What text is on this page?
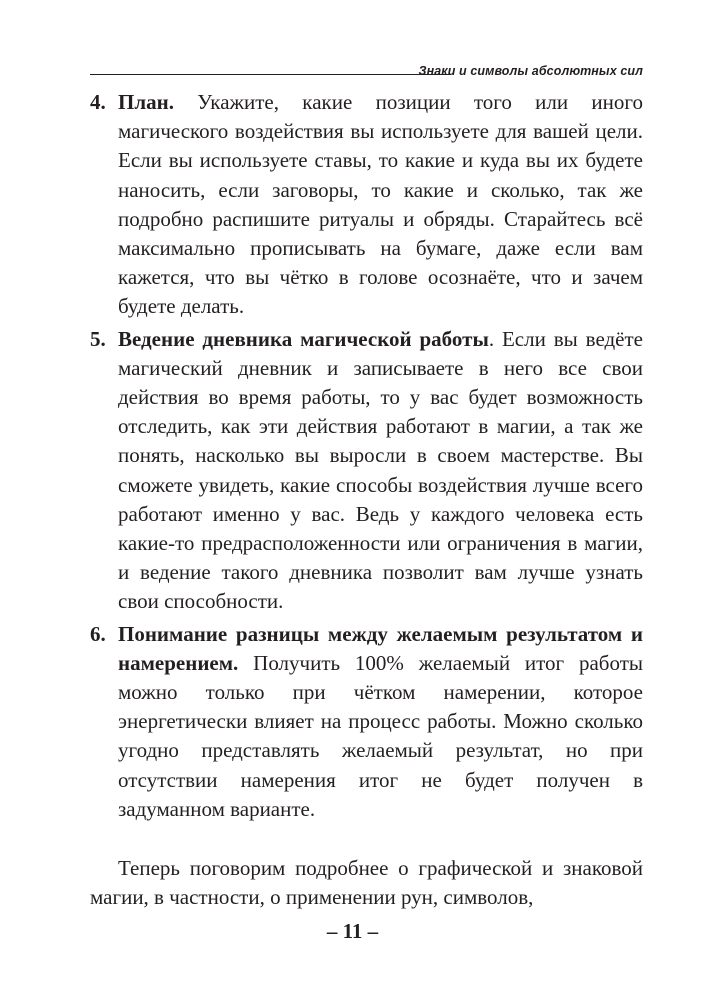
Знаки и символы абсолютных сил
4. План. Укажите, какие позиции того или иного магического воздействия вы используете для вашей цели. Если вы используете ставы, то какие и куда вы их будете наносить, если заговоры, то какие и сколько, так же подробно распишите ритуалы и обряды. Старайтесь всё максимально прописывать на бумаге, даже если вам кажется, что вы чётко в голове осознаёте, что и зачем будете делать.
5. Ведение дневника магической работы. Если вы ведёте магический дневник и записываете в него все свои действия во время работы, то у вас будет возможность отследить, как эти действия работают в магии, а так же понять, насколько вы выросли в своем мастерстве. Вы сможете увидеть, какие способы воздействия лучше всего работают именно у вас. Ведь у каждого человека есть какие-то предрасположенности или ограничения в магии, и ведение такого дневника позволит вам лучше узнать свои способности.
6. Понимание разницы между желаемым результатом и намерением. Получить 100% желаемый итог работы можно только при чётком намерении, которое энергетически влияет на процесс работы. Можно сколько угодно представлять желаемый результат, но при отсутствии намерения итог не будет получен в задуманном варианте.

Теперь поговорим подробнее о графической и знаковой магии, в частности, о применении рун, символов,

– 11 –
